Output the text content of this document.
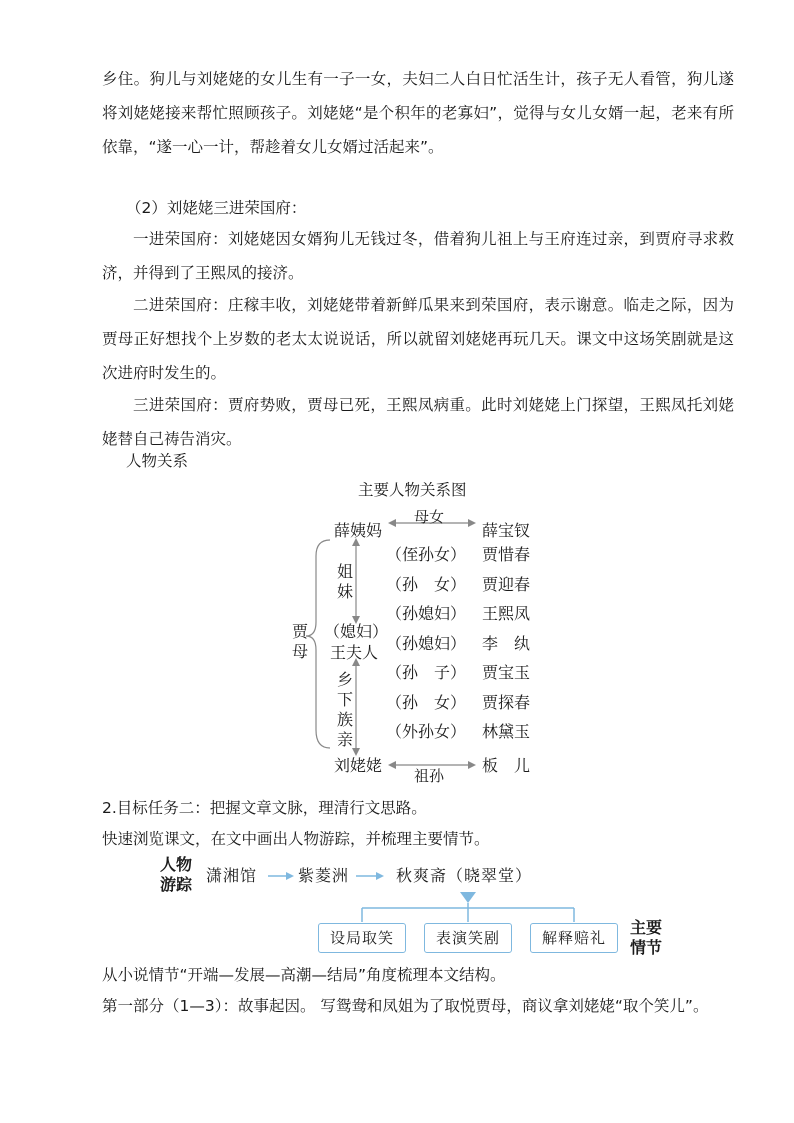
乡住。狗儿与刘姥姥的女儿生有一子一女，夫妇二人白日忙活生计，孩子无人看管，狗儿遂将刘姥姥接来帮忙照顾孩子。刘姥姥“是个积年的老寡妇”，觉得与女儿女婿一起，老来有所依靠，“遂一心一计，帮趁着女儿女婿过活起来”。

（2）刘姥姥三进荣国府：

一进荣国府：刘姥姥因女婿狗儿无钱过冬，借着狗儿祖上与王府连过亲，到贾府寻求救济，并得到了王熙凤的接济。

二进荣国府：庄稼丰收，刘姥姥带着新鲜瓜果来到荣国府，表示谢意。临走之际，因为贾母正好想找个上岁数的老太太说说话，所以就留刘姥姥再玩几天。课文中这场笑剧就是这次进府时发生的。

三进荣国府：贾府势败，贾母已死，王熙凤病重。此时刘姥姥上门探望，王熙凤托刘姥姥替自己祷告消灾。

人物关系
主要人物关系图
薛姨妈
母女
薛宝钗
贾母
姐妹
乡下族亲
（媳妇）
王夫人
（侄孙女） 贾惜春
（孙　女） 贾迎春
（孙媳妇） 王熙凤
（孙媳妇） 李　纨
（孙　子） 贾宝玉
（孙　女） 贾探春
（外孙女） 林黛玉
刘姥姥
祖孙
板　儿
2.目标任务二：把握文章文脉，理清行文思路。
快速浏览课文，在文中画出人物游踪，并梳理主要情节。
人物游踪 潇湘馆	紫菱洲	秋爽斋（晓翠堂）
设局取笑	表演笑剧	解释赔礼
主要情节
从小说情节“开端—发展—高潮—结局”角度梳理本文结构。
第一部分（1—3）：故事起因。 写鸳鸯和凤姐为了取悦贾母，商议拿刘姥姥“取个笑儿”。
